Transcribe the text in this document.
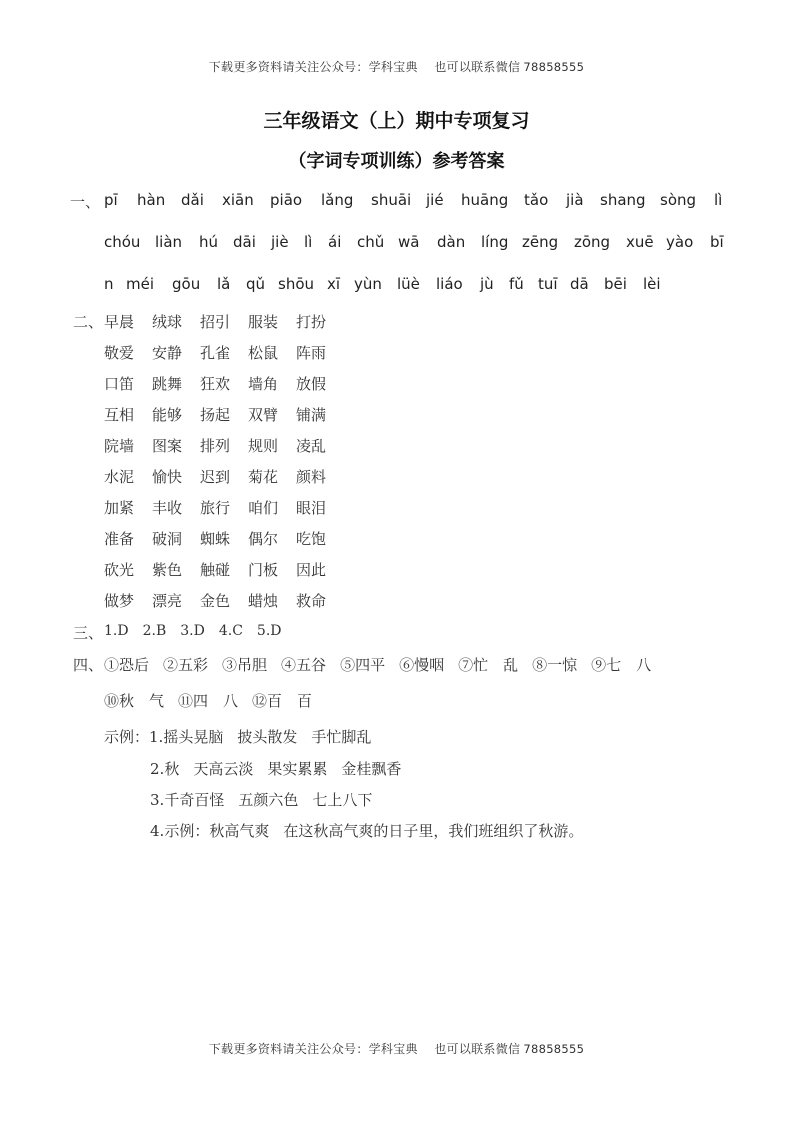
下载更多资料请关注公众号：学科宝典　 也可以联系微信 78858555
三年级语文（上）期中专项复习
（字词专项训练）参考答案
一、 pī hàn dǎi xiān piāo lǎng shuāi jié huāng tǎo jià shang sòng lì
chóu liàn hú dāi jiè lì ái chǔ wā dàn líng zēng zōng xuē yào bī
n méi gōu lǎ qǔ shōu xī yùn lüè liáo jù fǔ tuī dā bēi lèi
二、 早晨 绒球 招引 服装 打扮
敬爱 安静 孔雀 松鼠 阵雨
口笛 跳舞 狂欢 墙角 放假
互相 能够 扬起 双臂 铺满
院墙 图案 排列 规则 凌乱
水泥 愉快 迟到 菊花 颜料
加紧 丰收 旅行 咱们 眼泪
准备 破洞 蜘蛛 偶尔 吃饱
砍光 紫色 触碰 门板 因此
做梦 漂亮 金色 蜡烛 救命
三、 1.D 2.B 3.D 4.C 5.D
四、 ①恐后 ②五彩 ③吊胆 ④五谷 ⑤四平 ⑥慢咽 ⑦忙　乱 ⑧一惊 ⑨七　八
⑩秋　气 ⑪四　八 ⑫百　百
示例：1.摇头晃脑 披头散发 手忙脚乱
2.秋 天高云淡 果实累累 金桂飘香
3.千奇百怪 五颜六色 七上八下
4.示例：秋高气爽 在这秋高气爽的日子里，我们班组织了秋游。
下载更多资料请关注公众号：学科宝典　 也可以联系微信 78858555
